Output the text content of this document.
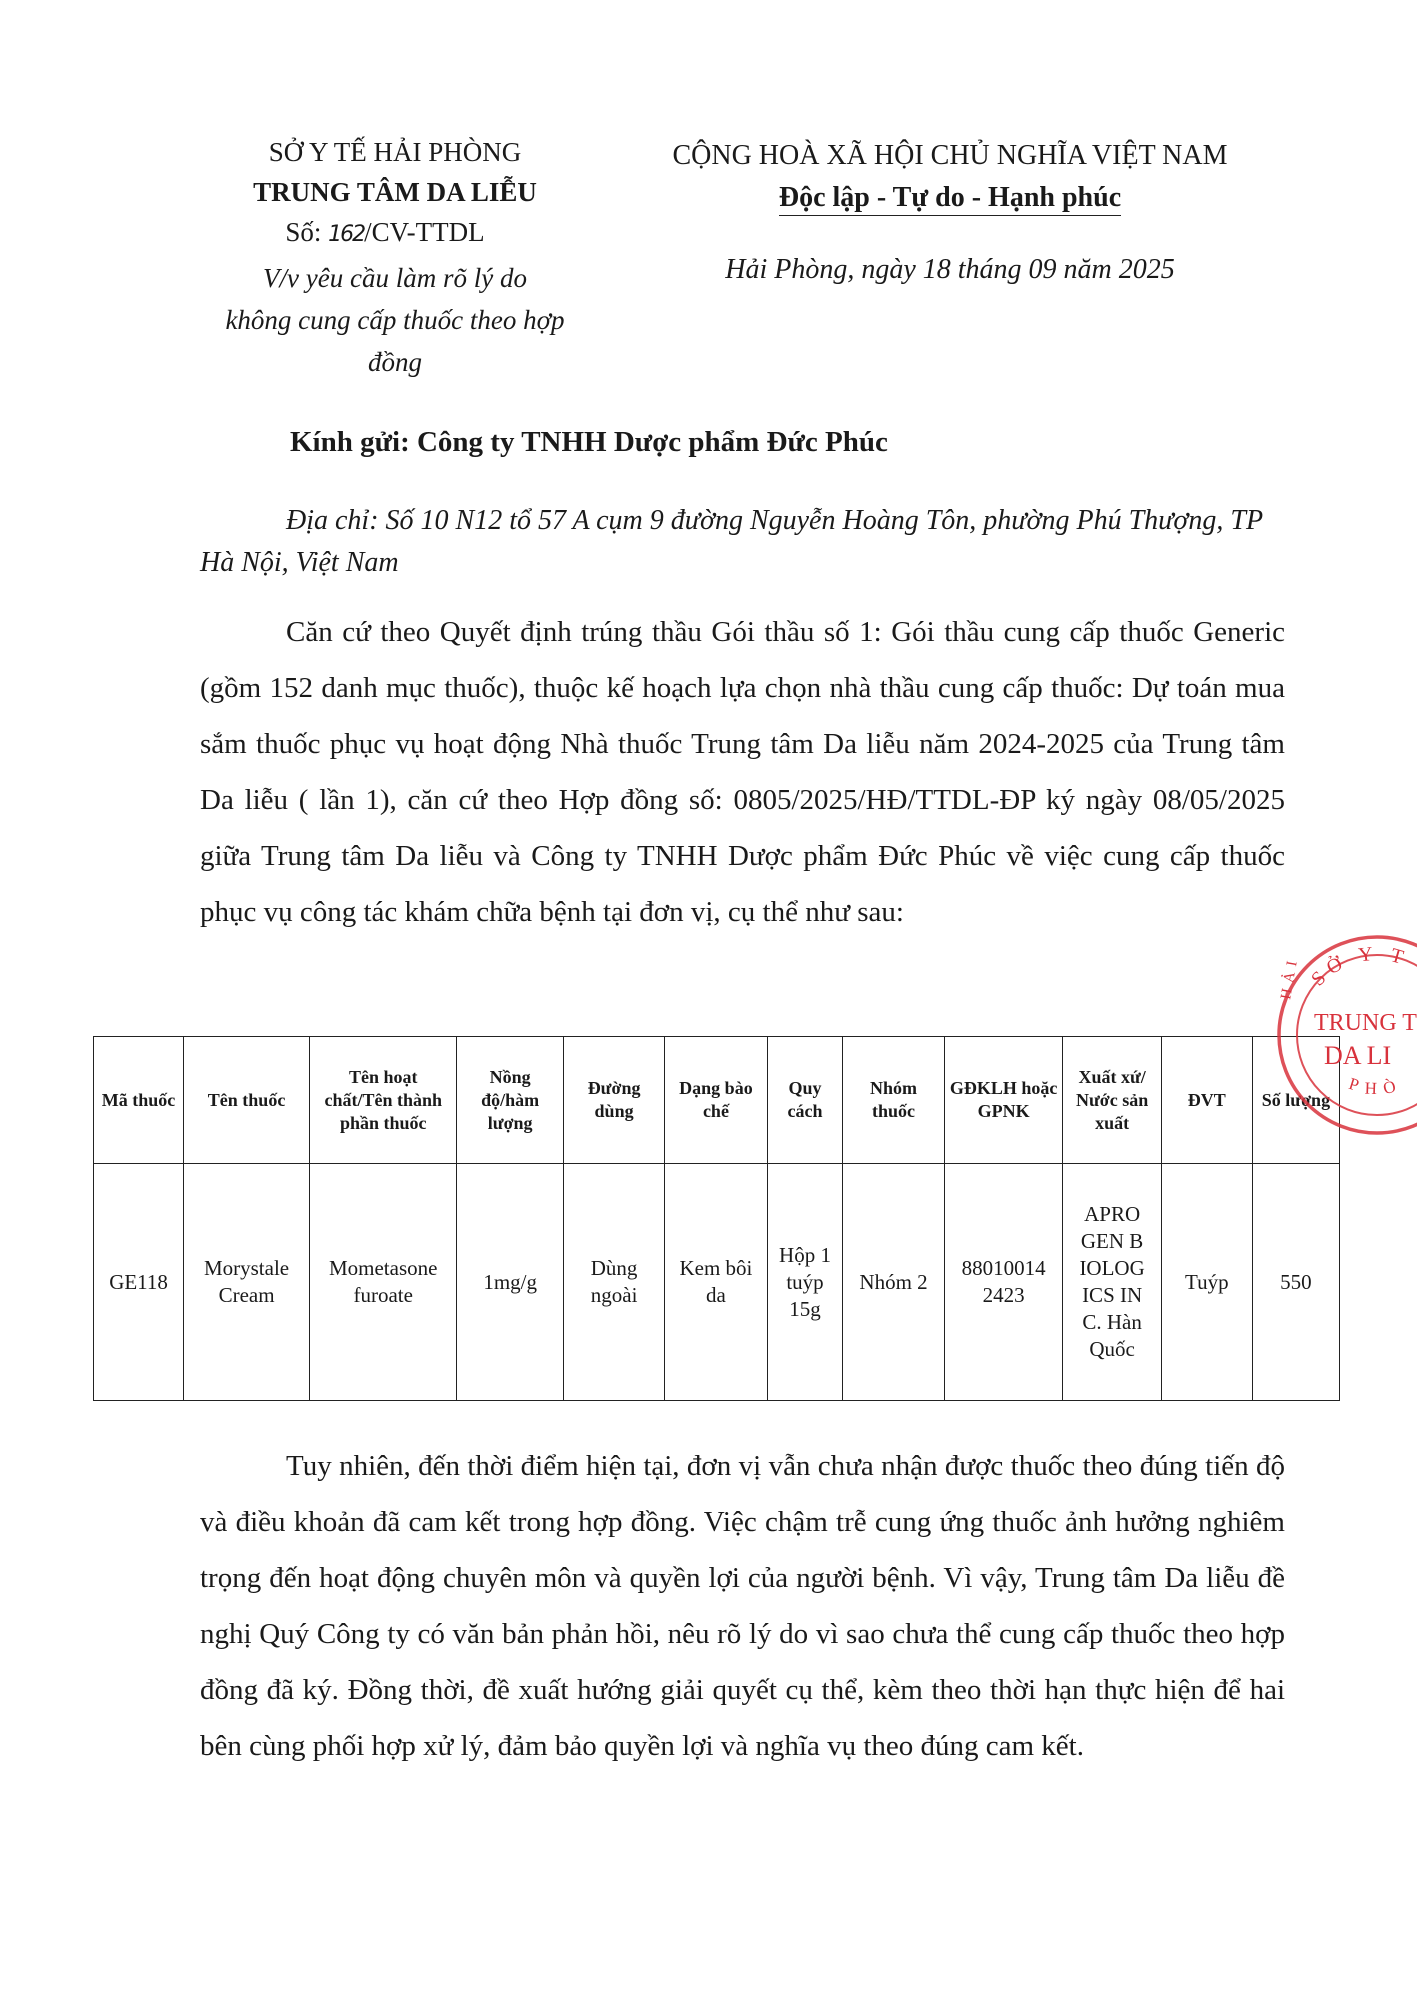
SỞ Y TẾ HẢI PHÒNG
TRUNG TÂM DA LIỄU
Số: 162/CV-TTDL
V/v yêu cầu làm rõ lý do
không cung cấp thuốc theo hợp
đồng
CỘNG HOÀ XÃ HỘI CHỦ NGHĨA VIỆT NAM
Độc lập - Tự do - Hạnh phúc
Hải Phòng, ngày 18 tháng 09 năm 2025
Kính gửi: Công ty TNHH Dược phẩm Đức Phúc
Địa chỉ: Số 10 N12 tổ 57 A cụm 9 đường Nguyễn Hoàng Tôn, phường Phú Thượng, TP Hà Nội, Việt Nam
Căn cứ theo Quyết định trúng thầu Gói thầu số 1: Gói thầu cung cấp thuốc Generic (gồm 152 danh mục thuốc), thuộc kế hoạch lựa chọn nhà thầu cung cấp thuốc: Dự toán mua sắm thuốc phục vụ hoạt động Nhà thuốc Trung tâm Da liễu năm 2024-2025 của Trung tâm Da liễu ( lần 1), căn cứ theo Hợp đồng số: 0805/2025/HĐ/TTDL-ĐP ký ngày 08/05/2025 giữa Trung tâm Da liễu và Công ty TNHH Dược phẩm Đức Phúc về việc cung cấp thuốc phục vụ công tác khám chữa bệnh tại đơn vị, cụ thể như sau:
Mã thuốc	Tên thuốc	Tên hoạt chất/Tên thành phần thuốc	Nồng độ/hàm lượng	Đường dùng	Dạng bào chế	Quy cách	Nhóm thuốc	GĐKLH hoặc GPNK	Xuất xứ/ Nước sản xuất	ĐVT	Số lượng
GE118	Morystale Cream	Mometasone furoate	1mg/g	Dùng ngoài	Kem bôi da	Hộp 1 tuýp 15g	Nhóm 2	880100142423	APROGEN BIOLOGICS INC. Hàn Quốc	Tuýp	550
Tuy nhiên, đến thời điểm hiện tại, đơn vị vẫn chưa nhận được thuốc theo đúng tiến độ và điều khoản đã cam kết trong hợp đồng. Việc chậm trễ cung ứng thuốc ảnh hưởng nghiêm trọng đến hoạt động chuyên môn và quyền lợi của người bệnh. Vì vậy, Trung tâm Da liễu đề nghị Quý Công ty có văn bản phản hồi, nêu rõ lý do vì sao chưa thể cung cấp thuốc theo hợp đồng đã ký. Đồng thời, đề xuất hướng giải quyết cụ thể, kèm theo thời hạn thực hiện để hai bên cùng phối hợp xử lý, đảm bảo quyền lợi và nghĩa vụ theo đúng cam kết.
SỞ Y T
TRUNG T
DA LI
HẢI
PHÒ
